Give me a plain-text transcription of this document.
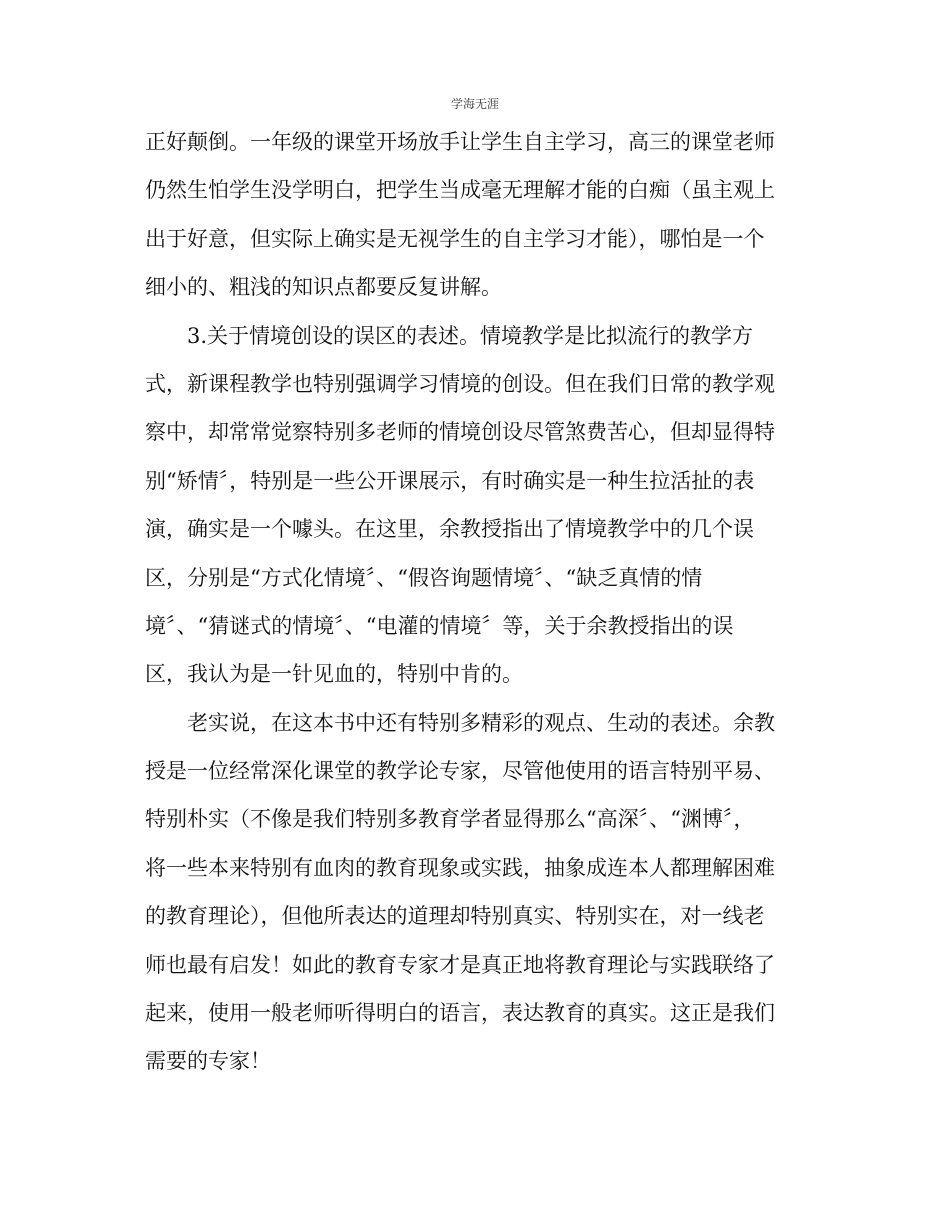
学海无涯
正好颠倒。一年级的课堂开场放手让学生自主学习，高三的课堂老师
仍然生怕学生没学明白，把学生当成毫无理解才能的白痴（虽主观上
出于好意，但实际上确实是无视学生的自主学习才能），哪怕是一个
细小的、粗浅的知识点都要反复讲解。
3.关于情境创设的误区的表述。情境教学是比拟流行的教学方
式，新课程教学也特别强调学习情境的创设。但在我们日常的教学观
察中，却常常觉察特别多老师的情境创设尽管煞费苦心，但却显得特
别“矫情〞，特别是一些公开课展示，有时确实是一种生拉活扯的表
演，确实是一个噱头。在这里，余教授指出了情境教学中的几个误
区，分别是“方式化情境〞、“假咨询题情境〞、“缺乏真情的情
境〞、“猜谜式的情境〞、“电灌的情境〞等，关于余教授指出的误
区，我认为是一针见血的，特别中肯的。
老实说，在这本书中还有特别多精彩的观点、生动的表述。余教
授是一位经常深化课堂的教学论专家，尽管他使用的语言特别平易、
特别朴实（不像是我们特别多教育学者显得那么“高深〞、“渊博〞，
将一些本来特别有血肉的教育现象或实践，抽象成连本人都理解困难
的教育理论），但他所表达的道理却特别真实、特别实在，对一线老
师也最有启发！如此的教育专家才是真正地将教育理论与实践联络了
起来，使用一般老师听得明白的语言，表达教育的真实。这正是我们
需要的专家！
